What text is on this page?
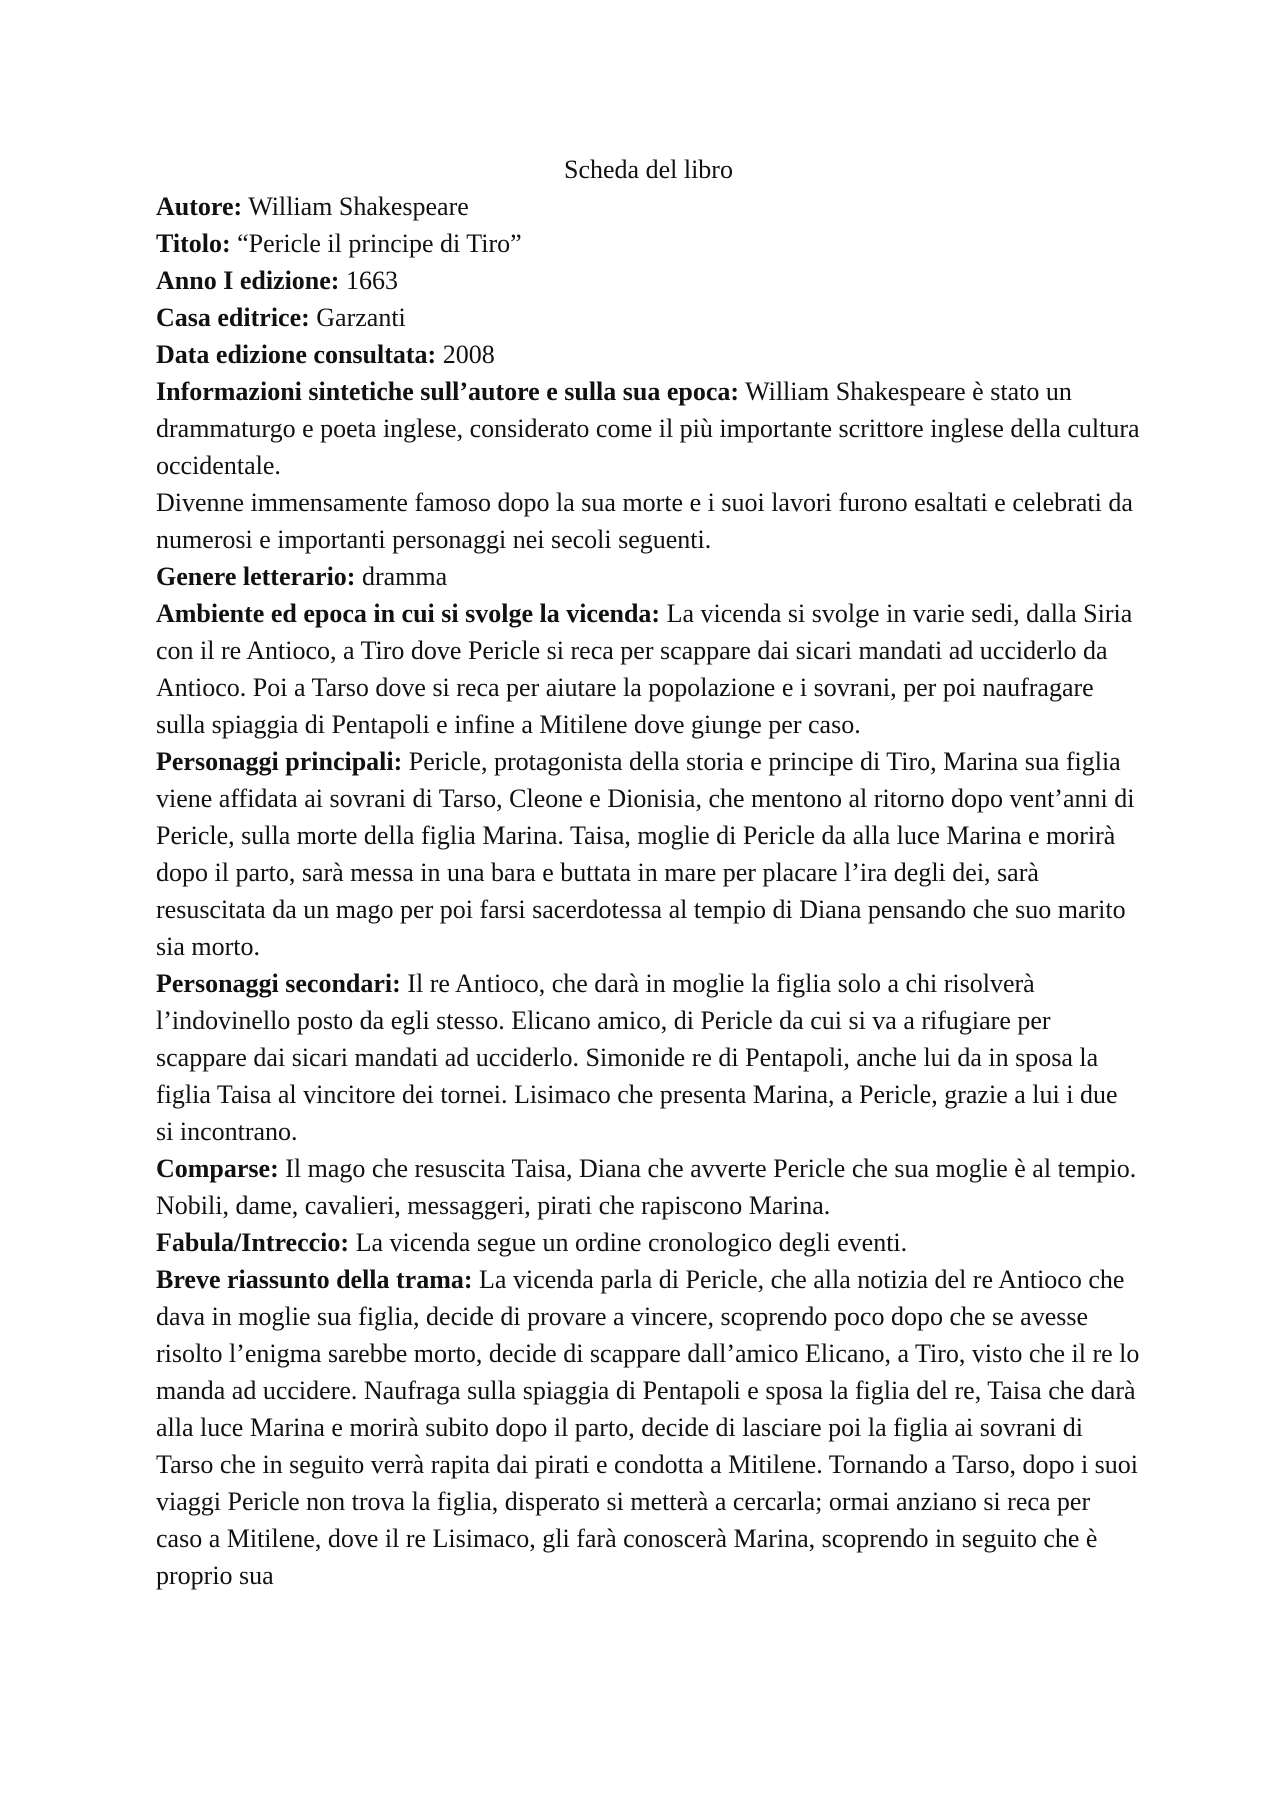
Scheda del libro

Autore: William Shakespeare

Titolo: “Pericle il principe di Tiro”

Anno I edizione: 1663

Casa editrice: Garzanti

Data edizione consultata: 2008

Informazioni sintetiche sull’autore e sulla sua epoca: William Shakespeare è stato un drammaturgo e poeta inglese, considerato come il più importante scrittore inglese della cultura occidentale.

Divenne immensamente famoso dopo la sua morte e i suoi lavori furono esaltati e celebrati da numerosi e importanti personaggi nei secoli seguenti.

Genere letterario: dramma

Ambiente ed epoca in cui si svolge la vicenda: La vicenda si svolge in varie sedi, dalla Siria con il re Antioco, a Tiro dove Pericle si reca per scappare dai sicari mandati ad ucciderlo da Antioco. Poi a Tarso dove si reca per aiutare la popolazione e i sovrani, per poi naufragare sulla spiaggia di Pentapoli e infine a Mitilene dove giunge per caso.

Personaggi principali: Pericle, protagonista della storia e principe di Tiro, Marina sua figlia viene affidata ai sovrani di Tarso, Cleone e Dionisia, che mentono al ritorno dopo vent’anni di Pericle, sulla morte della figlia Marina. Taisa, moglie di Pericle da alla luce Marina e morirà dopo il parto, sarà messa in una bara e buttata in mare per placare l’ira degli dei, sarà resuscitata da un mago per poi farsi sacerdotessa al tempio di Diana pensando che suo marito sia morto.

Personaggi secondari: Il re Antioco, che darà in moglie la figlia solo a chi risolverà l’indovinello posto da egli stesso. Elicano amico, di Pericle da cui si va a rifugiare per scappare dai sicari mandati ad ucciderlo. Simonide re di Pentapoli, anche lui da in sposa la figlia Taisa al vincitore dei tornei. Lisimaco che presenta Marina, a Pericle, grazie a lui i due si incontrano.

Comparse: Il mago che resuscita Taisa, Diana che avverte Pericle che sua moglie è al tempio. Nobili, dame, cavalieri, messaggeri, pirati che rapiscono Marina.

Fabula/Intreccio: La vicenda segue un ordine cronologico degli eventi.

Breve riassunto della trama: La vicenda parla di Pericle, che alla notizia del re Antioco che dava in moglie sua figlia, decide di provare a vincere, scoprendo poco dopo che se avesse risolto l’enigma sarebbe morto, decide di scappare dall’amico Elicano, a Tiro, visto che il re lo manda ad uccidere. Naufraga sulla spiaggia di Pentapoli e sposa la figlia del re, Taisa che darà alla luce Marina e morirà subito dopo il parto, decide di lasciare poi la figlia ai sovrani di Tarso che in seguito verrà rapita dai pirati e condotta a Mitilene. Tornando a Tarso, dopo i suoi viaggi Pericle non trova la figlia, disperato si metterà a cercarla; ormai anziano si reca per caso a Mitilene, dove il re Lisimaco, gli farà conoscerà Marina, scoprendo in seguito che è proprio sua
